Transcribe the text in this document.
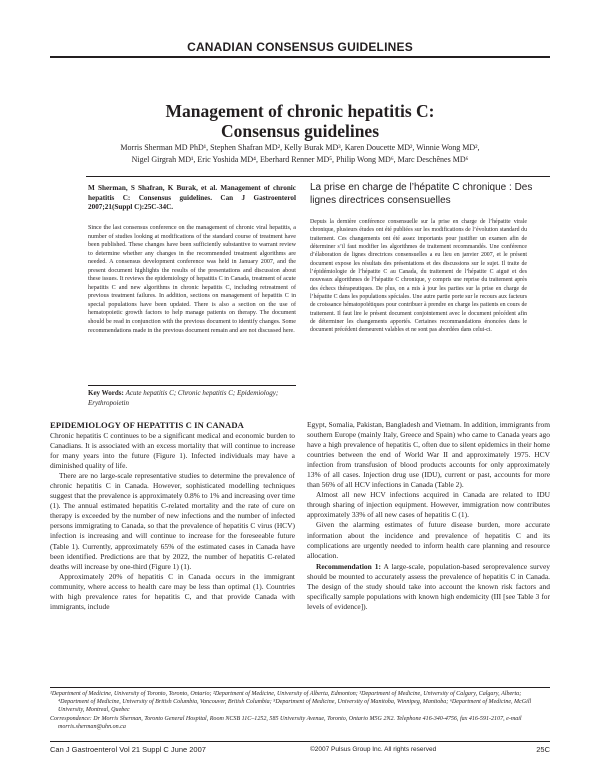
CANADIAN CONSENSUS GUIDELINES
Management of chronic hepatitis C:
Consensus guidelines
Morris Sherman MD PhD¹, Stephen Shafran MD², Kelly Burak MD³, Karen Doucette MD², Winnie Wong MD²,
Nigel Girgrah MD¹, Eric Yoshida MD⁴, Eberhard Renner MD⁵, Philip Wong MD⁶, Marc Deschênes MD⁶
M Sherman, S Shafran, K Burak, et al. Management of chronic hepatitis C: Consensus guidelines. Can J Gastroenterol 2007;21(Suppl C):25C-34C.
Since the last consensus conference on the management of chronic viral hepatitis, a number of studies looking at modifications of the standard course of treatment have been published. These changes have been sufficiently substantive to warrant review to determine whether any changes in the recommended treatment algorithms are needed. A consensus development conference was held in January 2007, and the present document highlights the results of the presentations and discussion about these issues. It reviews the epidemiology of hepatitis C in Canada, treatment of acute hepatitis C and new algorithms in chronic hepatitis C, including retreatment of previous treatment failures. In addition, sections on management of hepatitis C in special populations have been updated. There is also a section on the use of hematopoietic growth factors to help manage patients on therapy. The document should be read in conjunction with the previous document to identify changes. Some recommendations made in the previous document remain and are not discussed here.
La prise en charge de l’hépatite C chronique : Des lignes directrices consensuelles
Depuis la dernière conférence consensuelle sur la prise en charge de l’hépatite virale chronique, plusieurs études ont été publiées sur les modifications de l’évolution standard du traitement. Ces changements ont été assez importants pour justifier un examen afin de déterminer s’il faut modifier les algorithmes de traitement recommandés. Une conférence d’élaboration de lignes directrices consensuelles a eu lieu en janvier 2007, et le présent document expose les résultats des présentations et des discussions sur le sujet. Il traite de l’épidémiologie de l’hépatite C au Canada, du traitement de l’hépatite C aiguë et des nouveaux algorithmes de l’hépatite C chronique, y compris une reprise du traitement après des échecs thérapeutiques. De plus, on a mis à jour les parties sur la prise en charge de l’hépatite C dans les populations spéciales. Une autre partie porte sur le recours aux facteurs de croissance hématopoïétiques pour contribuer à prendre en charge les patients en cours de traitement. Il faut lire le présent document conjointement avec le document précédent afin de déterminer les changements apportés. Certaines recommandations énoncées dans le document précédent demeurent valables et ne sont pas abordées dans celui-ci.
Key Words: Acute hepatitis C; Chronic hepatitis C; Epidemiology; Erythropoietin

EPIDEMIOLOGY OF HEPATITIS C IN CANADA

Chronic hepatitis C continues to be a significant medical and economic burden to Canadians. It is associated with an excess mortality that will continue to increase for many years into the future (Figure 1). Infected individuals may have a diminished quality of life.

There are no large-scale representative studies to determine the prevalence of chronic hepatitis C in Canada. However, sophisticated modelling techniques suggest that the prevalence is approximately 0.8% to 1% and increasing over time (1). The annual estimated hepatitis C-related mortality and the rate of cure on therapy is exceeded by the number of new infections and the number of infected persons immigrating to Canada, so that the prevalence of hepatitis C virus (HCV) infection is increasing and will continue to increase for the foreseeable future (Table 1). Currently, approximately 65% of the estimated cases in Canada have been identified. Predictions are that by 2022, the number of hepatitis C-related deaths will increase by one-third (Figure 1) (1).

Approximately 20% of hepatitis C in Canada occurs in the immigrant community, where access to health care may be less than optimal (1). Countries with high prevalence rates for hepatitis C, and that provide Canada with immigrants, include

Egypt, Somalia, Pakistan, Bangladesh and Vietnam. In addition, immigrants from southern Europe (mainly Italy, Greece and Spain) who came to Canada years ago have a high prevalence of hepatitis C, often due to silent epidemics in their home countries between the end of World War II and approximately 1975. HCV infection from transfusion of blood products accounts for only approximately 13% of all cases. Injection drug use (IDU), current or past, accounts for more than 56% of all HCV infections in Canada (Table 2).

Almost all new HCV infections acquired in Canada are related to IDU through sharing of injection equipment. However, immigration now contributes approximately 33% of all new cases of hepatitis C (1).

Given the alarming estimates of future disease burden, more accurate information about the incidence and prevalence of hepatitis C and its complications are urgently needed to inform health care planning and resource allocation.

Recommendation 1: A large-scale, population-based seroprevalence survey should be mounted to accurately assess the prevalence of hepatitis C in Canada. The design of the study should take into account the known risk factors and specifically sample populations with known high endemicity (III [see Table 3 for levels of evidence]).

¹Department of Medicine, University of Toronto, Toronto, Ontario; ²Department of Medicine, University of Alberta, Edmonton; ³Department of Medicine, University of Calgary, Calgary, Alberta; ⁴Department of Medicine, University of British Columbia, Vancouver, British Columbia; ⁵Department of Medicine, University of Manitoba, Winnipeg, Manitoba; ⁶Department of Medicine, McGill University, Montreal, Quebec

Correspondence: Dr Morris Sherman, Toronto General Hospital, Room NCSB 11C–1252, 585 University Avenue, Toronto, Ontario M5G 2N2. Telephone 416-340-4756, fax 416-591-2107, e-mail morris.sherman@uhn.on.ca

Can J Gastroenterol Vol 21 Suppl C June 2007	©2007 Pulsus Group Inc. All rights reserved	25C
